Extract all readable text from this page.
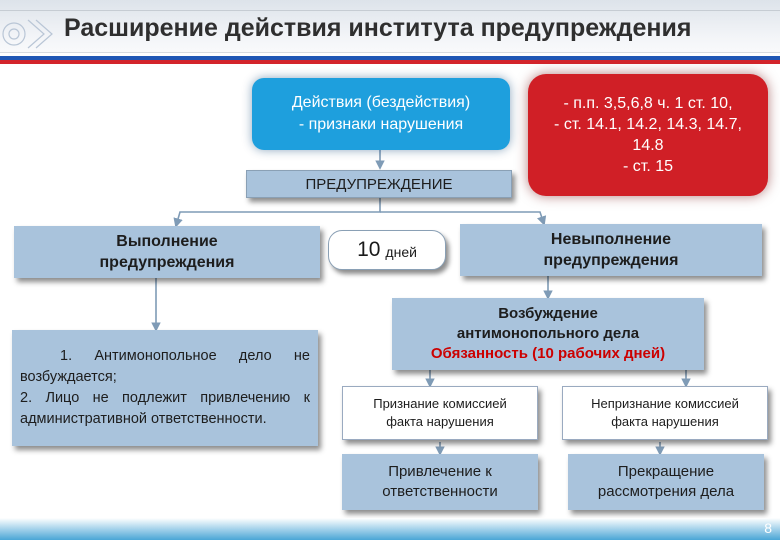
Расширение действия института предупреждения
Действия (бездействия)
- признаки нарушения
- п.п. 3,5,6,8 ч. 1 ст. 10,
- ст. 14.1, 14.2, 14.3, 14.7,
14.8
- ст. 15
ПРЕДУПРЕЖДЕНИЕ
Выполнение
предупреждения
10 дней
Невыполнение
предупреждения
1. Антимонопольное дело не возбуждается;
2. Лицо не подлежит привлечению к административной ответственности.
Возбуждение
антимонопольного дела
Обязанность (10 рабочих дней)
Признание комиссией
факта нарушения
Непризнание комиссией
факта нарушения
Привлечение к
ответственности
Прекращение
рассмотрения дела
8
